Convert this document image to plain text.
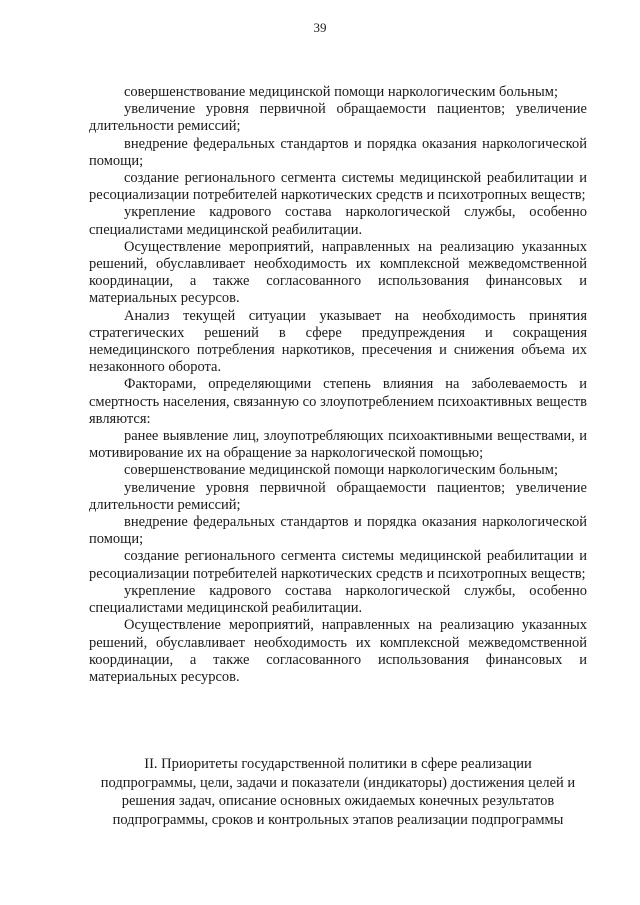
39

совершенствование медицинской помощи наркологическим больным;

увеличение уровня первичной обращаемости пациентов; увеличение длительности ремиссий;

внедрение федеральных стандартов и порядка оказания наркологической помощи;

создание регионального сегмента системы медицинской реабилитации и ресоциализации потребителей наркотических средств и психотропных веществ;

укрепление кадрового состава наркологической службы, особенно специалистами медицинской реабилитации.

Осуществление мероприятий, направленных на реализацию указанных решений, обуславливает необходимость их комплексной межведомственной координации, а также согласованного использования финансовых и материальных ресурсов.

Анализ текущей ситуации указывает на необходимость принятия стратегических решений в сфере предупреждения и сокращения немедицинского потребления наркотиков, пресечения и снижения объема их незаконного оборота.

Факторами, определяющими степень влияния на заболеваемость и смертность населения, связанную со злоупотреблением психоактивных веществ являются:

ранее выявление лиц, злоупотребляющих психоактивными веществами, и мотивирование их на обращение за наркологической помощью;

совершенствование медицинской помощи наркологическим больным;

увеличение уровня первичной обращаемости пациентов; увеличение длительности ремиссий;

внедрение федеральных стандартов и порядка оказания наркологической помощи;

создание регионального сегмента системы медицинской реабилитации и ресоциализации потребителей наркотических средств и психотропных веществ;

укрепление кадрового состава наркологической службы, особенно специалистами медицинской реабилитации.

Осуществление мероприятий, направленных на реализацию указанных решений, обуславливает необходимость их комплексной межведомственной координации, а также согласованного использования финансовых и материальных ресурсов.

II. Приоритеты государственной политики в сфере реализации
подпрограммы, цели, задачи и показатели (индикаторы) достижения целей и
решения задач, описание основных ожидаемых конечных результатов
подпрограммы, сроков и контрольных этапов реализации подпрограммы
